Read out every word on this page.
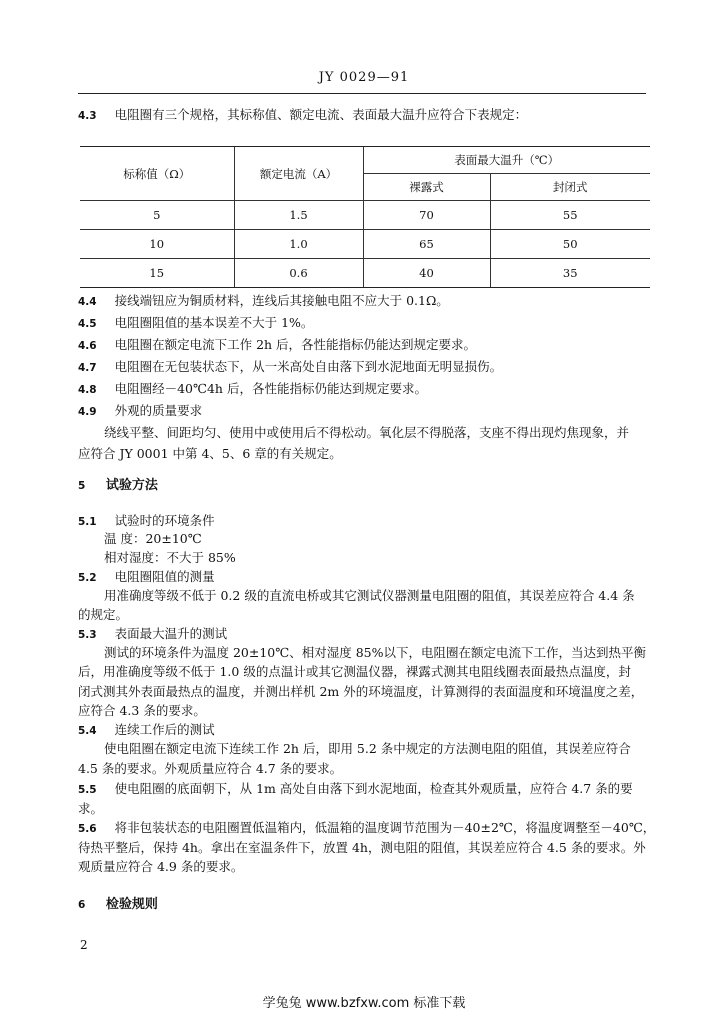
JY 0029—91
4.3 电阻圈有三个规格，其标称值、额定电流、表面最大温升应符合下表规定：
标称值（Ω）	额定电流（A）	表面最大温升（℃）	
		裸露式	封闭式
5	1.5	70	55
10	1.0	65	50
15	0.6	40	35
4.4 接线端钮应为铜质材料，连线后其接触电阻不应大于 0.1Ω。
4.5 电阻圈阻值的基本误差不大于 1%。
4.6 电阻圈在额定电流下工作 2h 后，各性能指标仍能达到规定要求。
4.7 电阻圈在无包装状态下，从一米高处自由落下到水泥地面无明显损伤。
4.8 电阻圈经－40℃4h 后，各性能指标仍能达到规定要求。
4.9 外观的质量要求
绕线平整、间距均匀、使用中或使用后不得松动。氧化层不得脱落，支座不得出现灼焦现象，并
应符合 JY 0001 中第 4、5、6 章的有关规定。
5 试验方法
5.1 试验时的环境条件
温 度：20±10℃
相对湿度：不大于 85%
5.2 电阻圈阻值的测量
用准确度等级不低于 0.2 级的直流电桥或其它测试仪器测量电阻圈的阻值，其误差应符合 4.4 条
的规定。
5.3 表面最大温升的测试
测试的环境条件为温度 20±10℃、相对湿度 85%以下，电阻圈在额定电流下工作，当达到热平衡
后，用准确度等级不低于 1.0 级的点温计或其它测温仪器，裸露式测其电阻线圈表面最热点温度，封
闭式测其外表面最热点的温度，并测出样机 2m 外的环境温度，计算测得的表面温度和环境温度之差，
应符合 4.3 条的要求。
5.4 连续工作后的测试
使电阻圈在额定电流下连续工作 2h 后，即用 5.2 条中规定的方法测电阻的阻值，其误差应符合
4.5 条的要求。外观质量应符合 4.7 条的要求。
5.5 使电阻圈的底面朝下，从 1m 高处自由落下到水泥地面，检查其外观质量，应符合 4.7 条的要
求。
5.6 将非包装状态的电阻圈置低温箱内，低温箱的温度调节范围为－40±2℃，将温度调整至－40℃，
待热平整后，保持 4h。拿出在室温条件下，放置 4h，测电阻的阻值，其误差应符合 4.5 条的要求。外
观质量应符合 4.9 条的要求。
6 检验规则
2
学兔兔 www.bzfxw.com 标准下载
